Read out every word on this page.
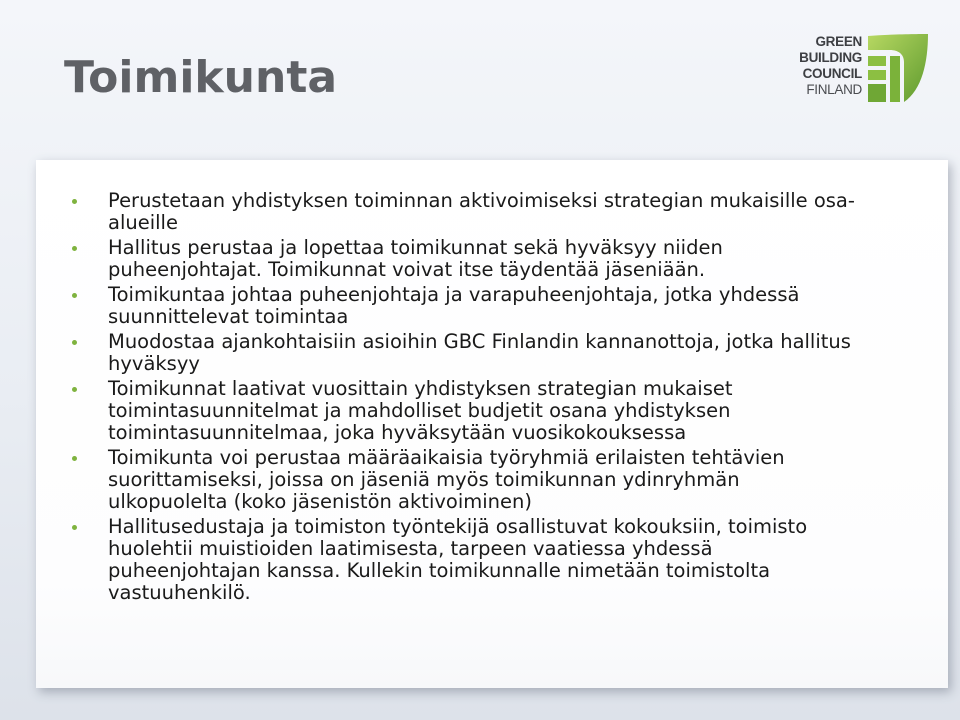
Toimikunta
GREEN
BUILDING
COUNCIL
FINLAND
Perustetaan yhdistyksen toiminnan aktivoimiseksi strategian mukaisille osa-alueille
Hallitus perustaa ja lopettaa toimikunnat sekä hyväksyy niiden puheenjohtajat. Toimikunnat voivat itse täydentää jäseniään.
Toimikuntaa johtaa puheenjohtaja ja varapuheenjohtaja, jotka yhdessä suunnittelevat toimintaa
Muodostaa ajankohtaisiin asioihin GBC Finlandin kannanottoja, jotka hallitus hyväksyy
Toimikunnat laativat vuosittain yhdistyksen strategian mukaiset toimintasuunnitelmat ja mahdolliset budjetit osana yhdistyksen toimintasuunnitelmaa, joka hyväksytään vuosikokouksessa
Toimikunta voi perustaa määräaikaisia työryhmiä erilaisten tehtävien suorittamiseksi, joissa on jäseniä myös toimikunnan ydinryhmän ulkopuolelta (koko jäsenistön aktivoiminen)
Hallitusedustaja ja toimiston työntekijä osallistuvat kokouksiin, toimisto huolehtii muistioiden laatimisesta, tarpeen vaatiessa yhdessä puheenjohtajan kanssa. Kullekin toimikunnalle nimetään toimistolta vastuuhenkilö.
